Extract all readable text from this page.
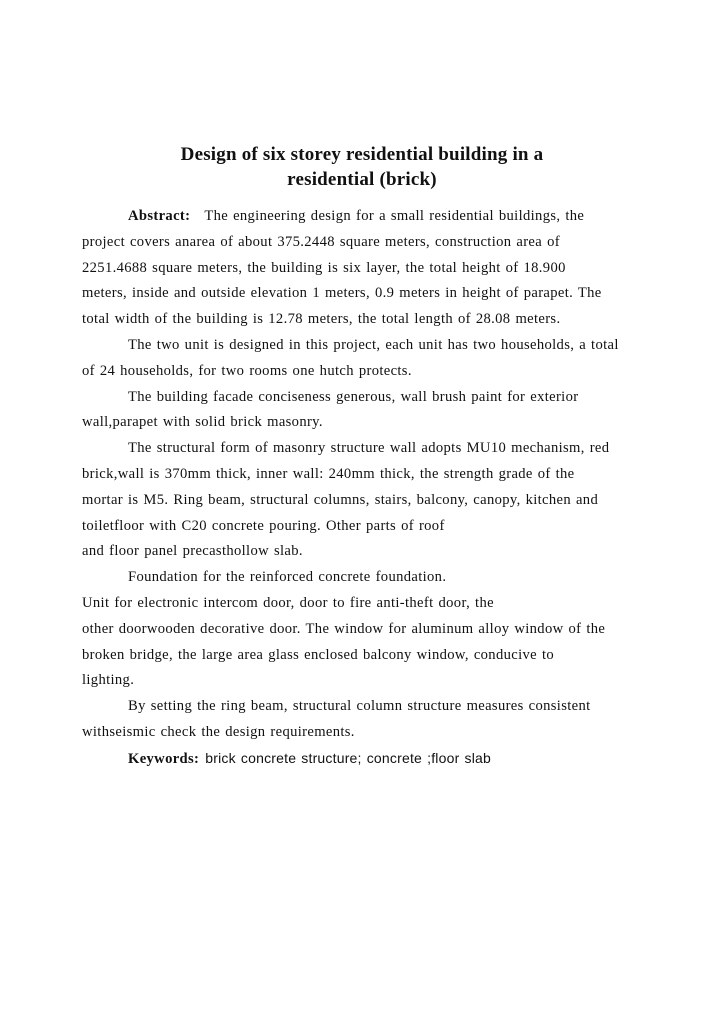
Design of six storey residential building in a
residential (brick)
Abstract: The engineering design for a small residential buildings, the
project covers anarea of about 375.2448 square meters, construction area of
2251.4688 square meters, the building is six layer, the total height of 18.900
meters, inside and outside elevation 1 meters, 0.9 meters in height of parapet. The
total width of the building is 12.78 meters, the total length of 28.08 meters.
The two unit is designed in this project, each unit has two households, a total
of 24 households, for two rooms one hutch protects.
The building facade conciseness generous, wall brush paint for exterior
wall,parapet with solid brick masonry.
The structural form of masonry structure wall adopts MU10 mechanism, red
brick,wall is 370mm thick, inner wall: 240mm thick, the strength grade of the
mortar is M5. Ring beam, structural columns, stairs, balcony, canopy, kitchen and
toiletfloor with C20 concrete pouring. Other parts of roof
and floor panel precasthollow slab.
Foundation for the reinforced concrete foundation.
Unit for electronic intercom door, door to fire anti-theft door, the
other doorwooden decorative door. The window for aluminum alloy window of the
broken bridge, the large area glass enclosed balcony window, conducive to
lighting.
By setting the ring beam, structural column structure measures consistent
withseismic check the design requirements.
Keywords: brick concrete structure; concrete ;floor slab
